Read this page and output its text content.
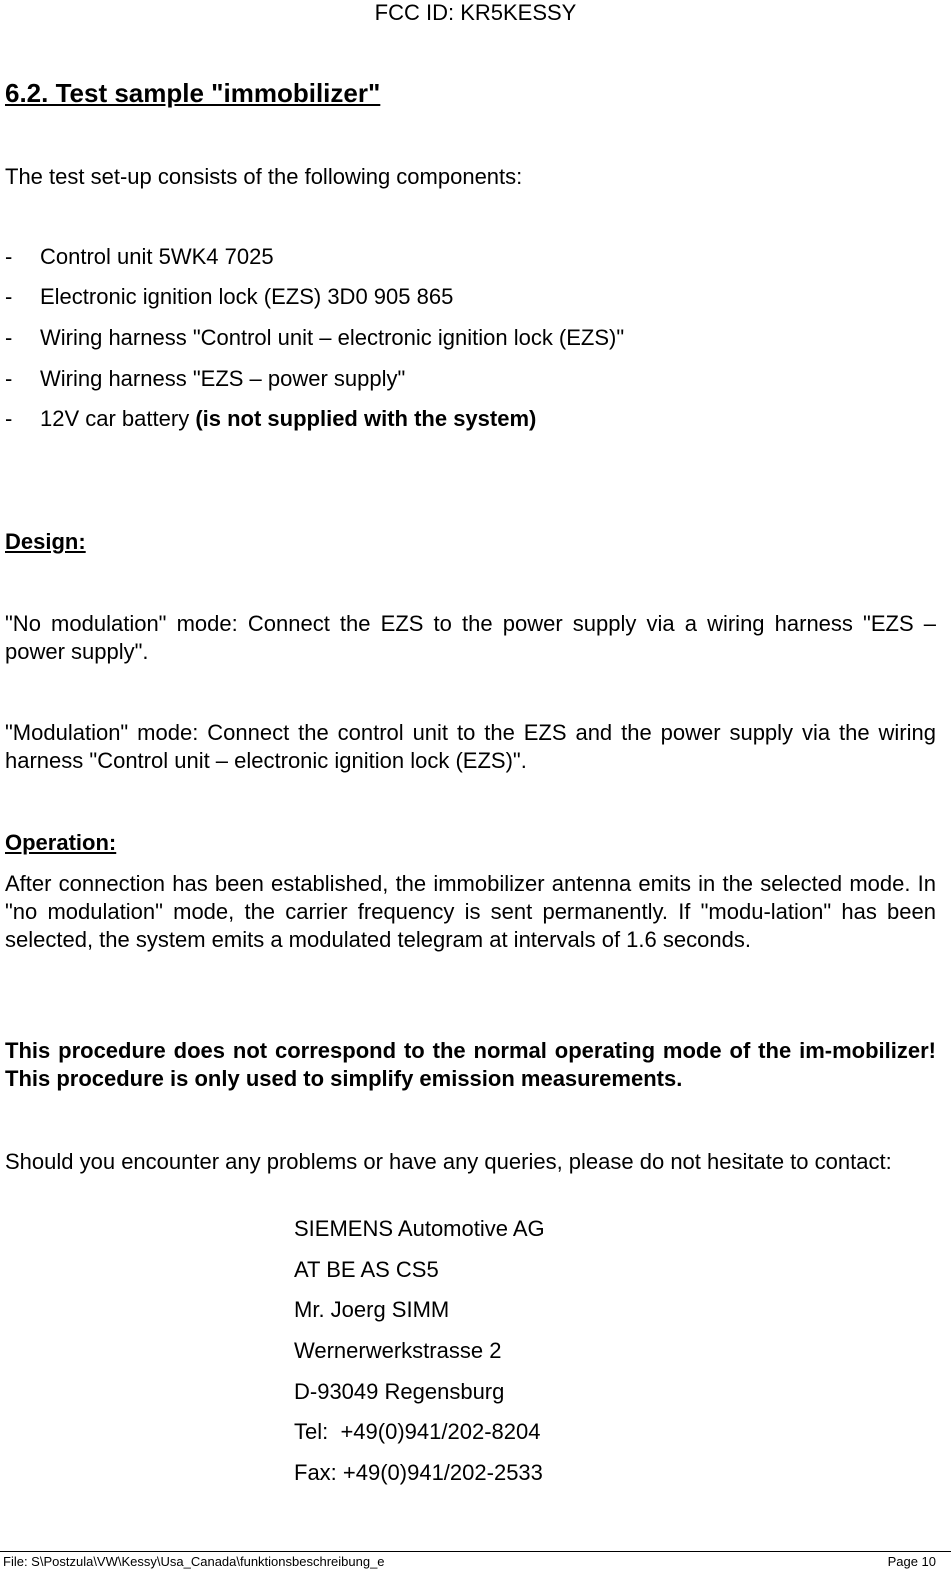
FCC ID: KR5KESSY
6.2. Test sample "immobilizer"
The test set-up consists of the following components:
- Control unit 5WK4 7025
- Electronic ignition lock (EZS) 3D0 905 865
- Wiring harness "Control unit – electronic ignition lock (EZS)"
- Wiring harness "EZS – power supply"
- 12V car battery (is not supplied with the system)
Design:
"No modulation" mode: Connect the EZS to the power supply via a wiring harness "EZS – power supply".
"Modulation" mode: Connect the control unit to the EZS and the power supply via the wiring harness "Control unit – electronic ignition lock (EZS)".
Operation:
After connection has been established, the immobilizer antenna emits in the selected mode. In "no modulation" mode, the carrier frequency is sent permanently. If "modu-lation" has been selected, the system emits a modulated telegram at intervals of 1.6 seconds.
This procedure does not correspond to the normal operating mode of the im-mobilizer! This procedure is only used to simplify emission measurements.
Should you encounter any problems or have any queries, please do not hesitate to contact:
SIEMENS Automotive AG
AT BE AS CS5
Mr. Joerg SIMM
Wernerwerkstrasse 2
D-93049 Regensburg
Tel:  +49(0)941/202-8204
Fax: +49(0)941/202-2533
File: S\Postzula\VW\Kessy\Usa_Canada\funktionsbeschreibung_e	Page 10
